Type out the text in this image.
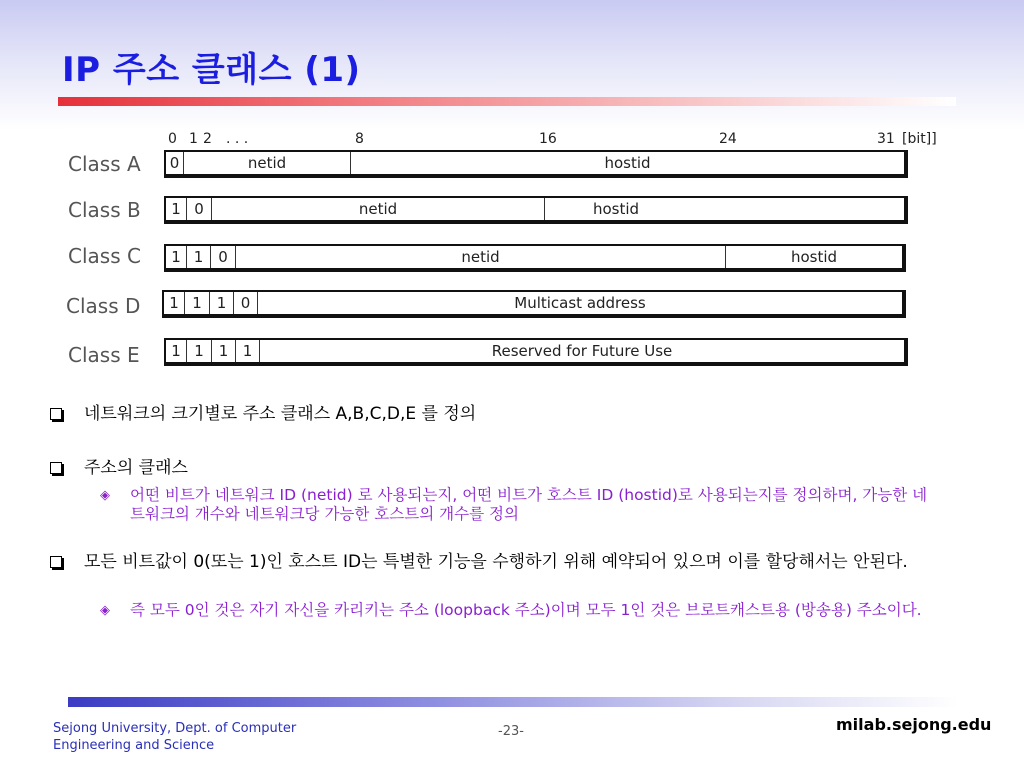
IP 주소 클래스 (1)
0 1 2 . . .	8	16	24	31 [bit]]
Class A 0	netid	hostid
Class B	1 0	netid	hostid
Class C	1 1 0	netid	hostid
Class D	1 1 1 0	Multicast address
Class E	1 1 1 1	Reserved for Future Use
네트워크의 크기별로 주소 클래스 A,B,C,D,E 를 정의
주소의 클래스
◈ 어떤 비트가 네트워크 ID (netid) 로 사용되는지, 어떤 비트가 호스트 ID (hostid)로 사용되는지를 정의하며, 가능한 네트워크의 개수와 네트워크당 가능한 호스트의 개수를 정의
모든 비트값이 0(또는 1)인 호스트 ID는 특별한 기능을 수행하기 위해 예약되어 있으며 이를 할당해서는 안된다.
◈ 즉 모두 0인 것은 자기 자신을 카리키는 주소 (loopback 주소)이며 모두 1인 것은 브로트캐스트용 (방송용) 주소이다.
Sejong University, Dept. of Computer
Engineering and Science
-23-	milab.sejong.edu
